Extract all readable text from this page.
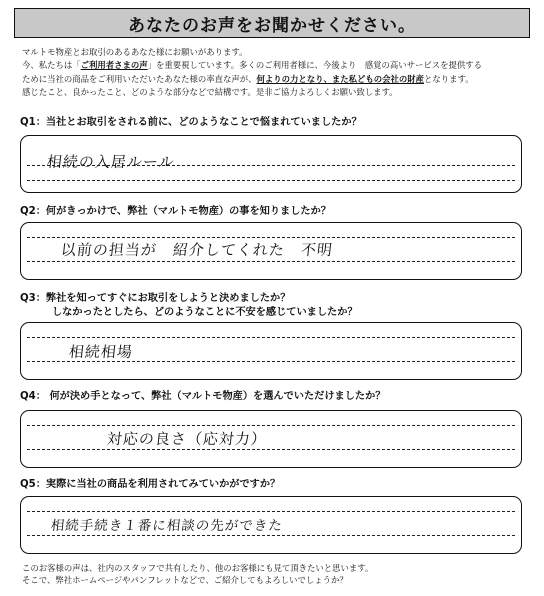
あなたのお声をお聞かせください。
マルトモ物産とお取引のあるあなた様にお願いがあります。
今、私たちは「ご利用者さまの声」を重要視しています。多くのご利用者様に、今後より　感覚の高いサービスを提供する
ために当社の商品をご利用いただいたあなた様の率直な声が、何よりの力となり、また私どもの会社の財産となります。
感じたこと、良かったこと、どのような部分などで結構です。是非ご協力よろしくお願い致します。
Q1：当社とお取引をされる前に、どのようなことで悩まれていましたか？
相続の入居ルール
Q2：何がきっかけで、弊社（マルトモ物産）の事を知りましたか？
以前の担当が　紹介してくれた　不明
Q3：弊社を知ってすぐにお取引をしようと決めましたか？
しなかったとしたら、どのようなことに不安を感じていましたか？
相続相場
Q4： 何が決め手となって、弊社（マルトモ物産）を選んでいただけましたか？
対応の良さ（応対力）
Q5：実際に当社の商品を利用されてみていかがですか？
相続手続き１番に相談の先ができた
このお客様の声は、社内のスタッフで共有したり、他のお客様にも見て頂きたいと思います。
そこで、弊社ホームページやパンフレットなどで、ご紹介してもよろしいでしょうか？
